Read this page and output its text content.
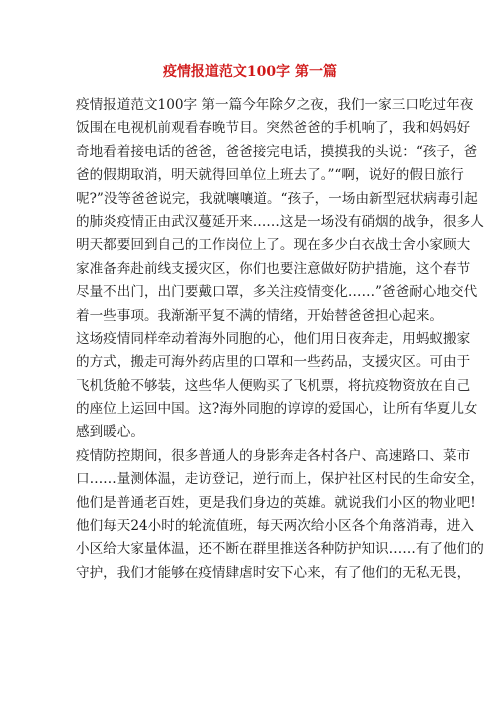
疫情报道范文100字 第一篇
疫情报道范文100字 第一篇今年除夕之夜，我们一家三口吃过年夜
饭围在电视机前观看春晚节目。突然爸爸的手机响了，我和妈妈好
奇地看着接电话的爸爸，爸爸接完电话，摸摸我的头说：“孩子，爸
爸的假期取消，明天就得回单位上班去了。”“啊，说好的假日旅行
呢?”没等爸爸说完，我就嚷嚷道。“孩子，一场由新型冠状病毒引起
的肺炎疫情正由武汉蔓延开来……这是一场没有硝烟的战争，很多人
明天都要回到自己的工作岗位上了。现在多少白衣战士舍小家顾大
家准备奔赴前线支援灾区，你们也要注意做好防护措施，这个春节
尽量不出门，出门要戴口罩，多关注疫情变化……”爸爸耐心地交代
着一些事项。我渐渐平复不满的情绪，开始替爸爸担心起来。
这场疫情同样牵动着海外同胞的心，他们用日夜奔走，用蚂蚁搬家
的方式，搬走可海外药店里的口罩和一些药品，支援灾区。可由于
飞机货舱不够装，这些华人便购买了飞机票，将抗疫物资放在自己
的座位上运回中国。这?海外同胞的谆谆的爱国心，让所有华夏儿女
感到暖心。
疫情防控期间，很多普通人的身影奔走各村各户、高速路口、菜市
口……量测体温，走访登记，逆行而上，保护社区村民的生命安全，
他们是普通老百姓，更是我们身边的英雄。就说我们小区的物业吧!
他们每天24小时的轮流值班，每天两次给小区各个角落消毒，进入
小区给大家量体温，还不断在群里推送各种防护知识……有了他们的
守护，我们才能够在疫情肆虐时安下心来，有了他们的无私无畏，
